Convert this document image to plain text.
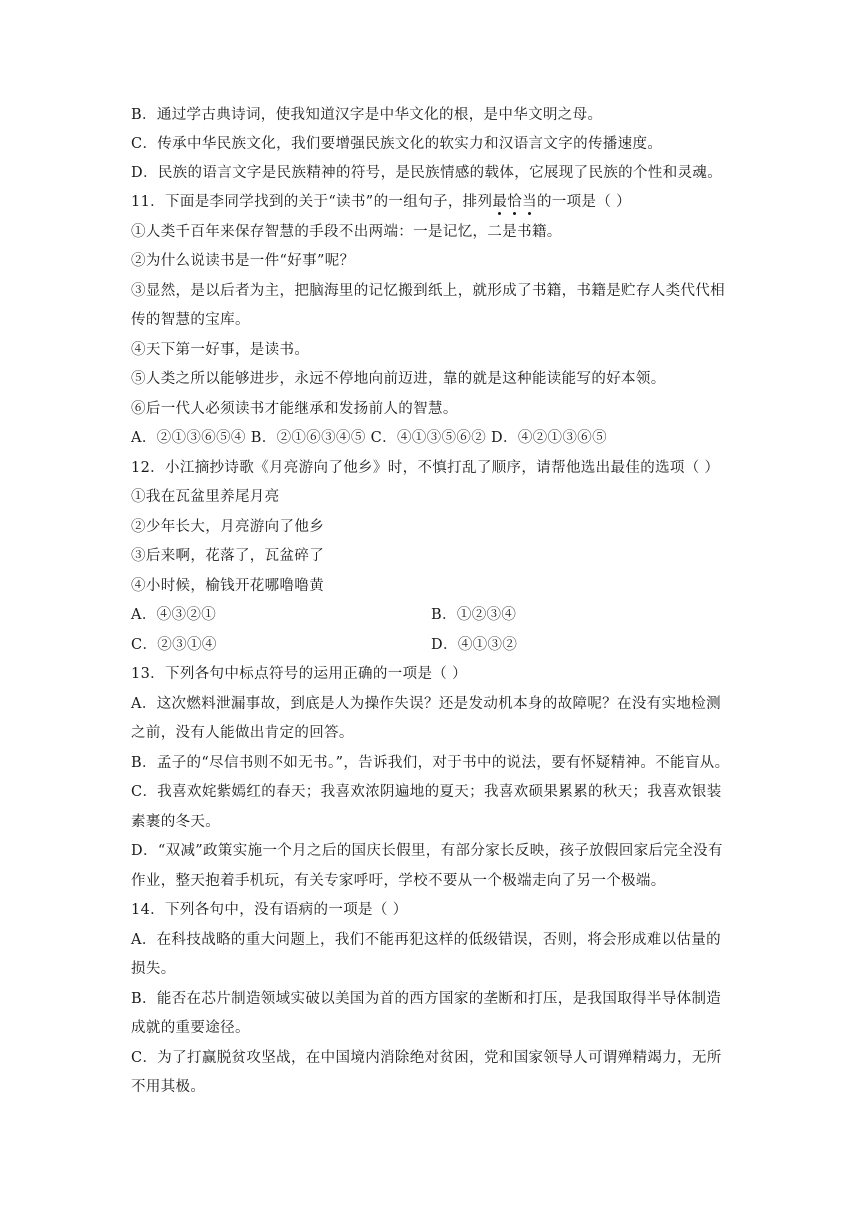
B．通过学古典诗词，使我知道汉字是中华文化的根，是中华文明之母。
C．传承中华民族文化，我们要增强民族文化的软实力和汉语言文字的传播速度。
D．民族的语言文字是民族精神的符号，是民族情感的载体，它展现了民族的个性和灵魂。
11．下面是李同学找到的关于“读书”的一组句子，排列最恰当的一项是（ ）
①人类千百年来保存智慧的手段不出两端：一是记忆，二是书籍。
②为什么说读书是一件“好事”呢？
③显然，是以后者为主，把脑海里的记忆搬到纸上，就形成了书籍，书籍是贮存人类代代相
传的智慧的宝库。
④天下第一好事，是读书。
⑤人类之所以能够进步，永远不停地向前迈进，靠的就是这种能读能写的好本领。
⑥后一代人必须读书才能继承和发扬前人的智慧。
A．②①③⑥⑤④ B．②①⑥③④⑤ C．④①③⑤⑥② D．④②①③⑥⑤
12．小江摘抄诗歌《月亮游向了他乡》时，不慎打乱了顺序，请帮他选出最佳的选项（ ）
①我在瓦盆里养尾月亮
②少年长大，月亮游向了他乡
③后来啊，花落了，瓦盆碎了
④小时候，榆钱开花哪噜噜黄
A．④③②①	B．①②③④
C．②③①④	D．④①③②
13．下列各句中标点符号的运用正确的一项是（ ）
A．这次燃料泄漏事故，到底是人为操作失误？还是发动机本身的故障呢？在没有实地检测
之前，没有人能做出肯定的回答。
B．孟子的“尽信书则不如无书。”，告诉我们，对于书中的说法，要有怀疑精神。不能盲从。
C．我喜欢姹紫嫣红的春天；我喜欢浓阴遍地的夏天；我喜欢硕果累累的秋天；我喜欢银装
素裹的冬天。
D．“双减”政策实施一个月之后的国庆长假里，有部分家长反映，孩子放假回家后完全没有
作业，整天抱着手机玩，有关专家呼吁，学校不要从一个极端走向了另一个极端。
14．下列各句中，没有语病的一项是（ ）
A．在科技战略的重大问题上，我们不能再犯这样的低级错误，否则，将会形成难以估量的
损失。
B．能否在芯片制造领域实破以美国为首的西方国家的垄断和打压，是我国取得半导体制造
成就的重要途径。
C．为了打赢脱贫攻坚战，在中国境内消除绝对贫困，党和国家领导人可谓殚精竭力，无所
不用其极。
